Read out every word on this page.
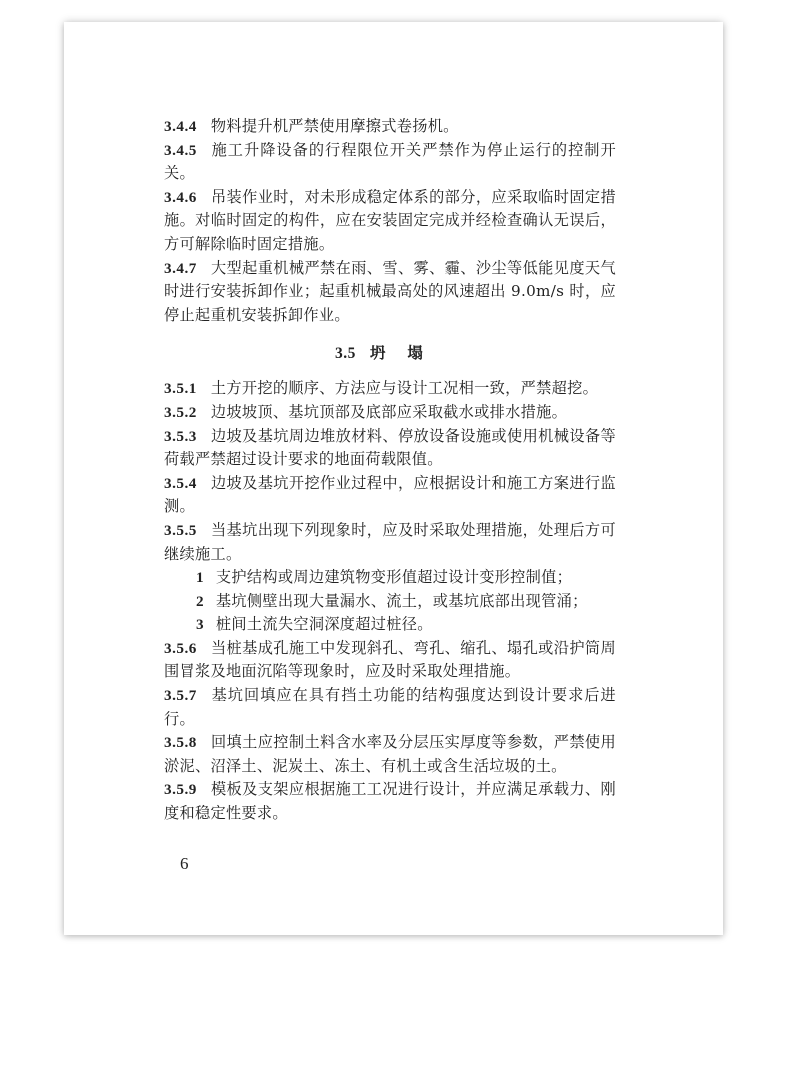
3.4.4 物料提升机严禁使用摩擦式卷扬机。

3.4.5 施工升降设备的行程限位开关严禁作为停止运行的控制开关。

3.4.6 吊装作业时，对未形成稳定体系的部分，应采取临时固定措施。对临时固定的构件，应在安装固定完成并经检查确认无误后，方可解除临时固定措施。

3.4.7 大型起重机械严禁在雨、雪、雾、霾、沙尘等低能见度天气时进行安装拆卸作业；起重机械最高处的风速超出 9.0m/s 时，应停止起重机安装拆卸作业。

3.5 坍塌

3.5.1 土方开挖的顺序、方法应与设计工况相一致，严禁超挖。

3.5.2 边坡坡顶、基坑顶部及底部应采取截水或排水措施。

3.5.3 边坡及基坑周边堆放材料、停放设备设施或使用机械设备等荷载严禁超过设计要求的地面荷载限值。

3.5.4 边坡及基坑开挖作业过程中，应根据设计和施工方案进行监测。

3.5.5 当基坑出现下列现象时，应及时采取处理措施，处理后方可继续施工。

1 支护结构或周边建筑物变形值超过设计变形控制值；

2 基坑侧壁出现大量漏水、流土，或基坑底部出现管涌；

3 桩间土流失空洞深度超过桩径。

3.5.6 当桩基成孔施工中发现斜孔、弯孔、缩孔、塌孔或沿护筒周围冒浆及地面沉陷等现象时，应及时采取处理措施。

3.5.7 基坑回填应在具有挡土功能的结构强度达到设计要求后进行。

3.5.8 回填土应控制土料含水率及分层压实厚度等参数，严禁使用淤泥、沼泽土、泥炭土、冻土、有机土或含生活垃圾的土。

3.5.9 模板及支架应根据施工工况进行设计，并应满足承载力、刚度和稳定性要求。

6
